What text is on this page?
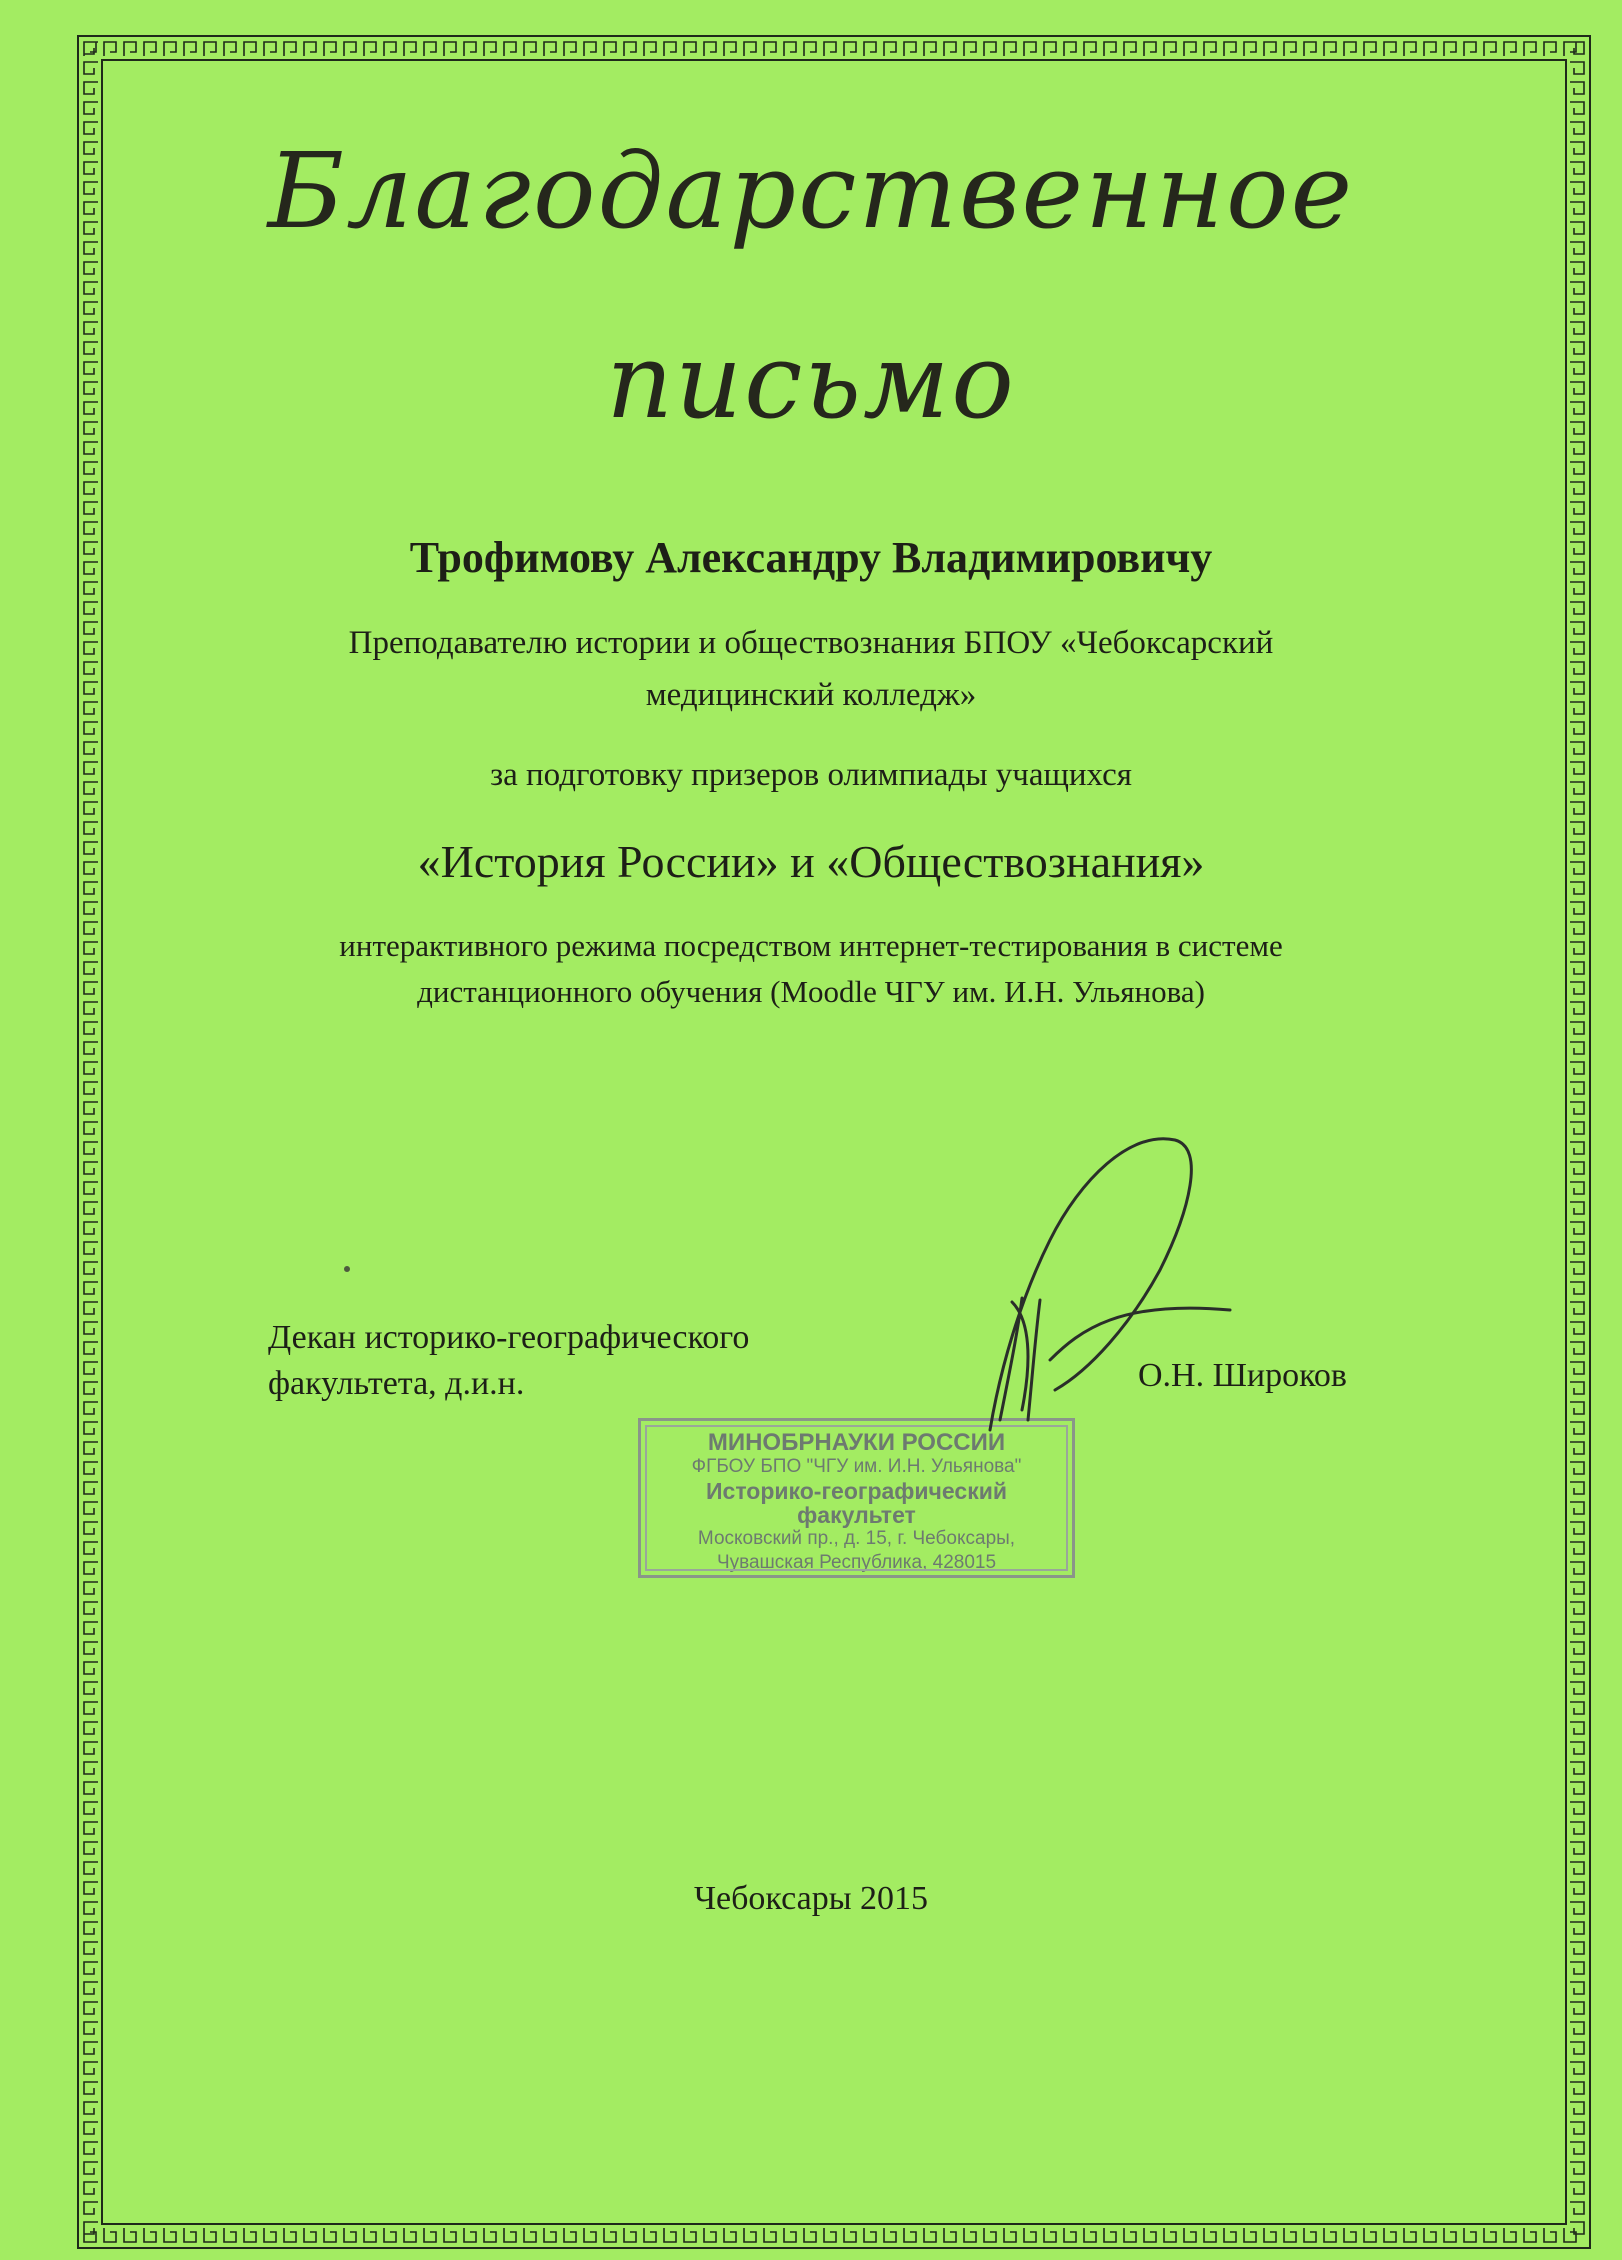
Благодарственное
письмо
Трофимову Александру Владимировичу
Преподавателю истории и обществознания БПОУ «Чебоксарский
медицинский колледж»
за подготовку призеров олимпиады учащихся
«История России» и «Обществознания»
интерактивного режима посредством интернет-тестирования в системе
дистанционного обучения (Moodle ЧГУ им. И.Н. Ульянова)
Декан историко-географического
факультета, д.и.н.
МИНОБРНАУКИ РОССИИ
ФГБОУ БПО "ЧГУ им. И.Н. Ульянова"
Историко-географический
факультет
Московский пр., д. 15, г. Чебоксары,
Чувашская Республика, 428015
О.Н. Широков
Чебоксары 2015
